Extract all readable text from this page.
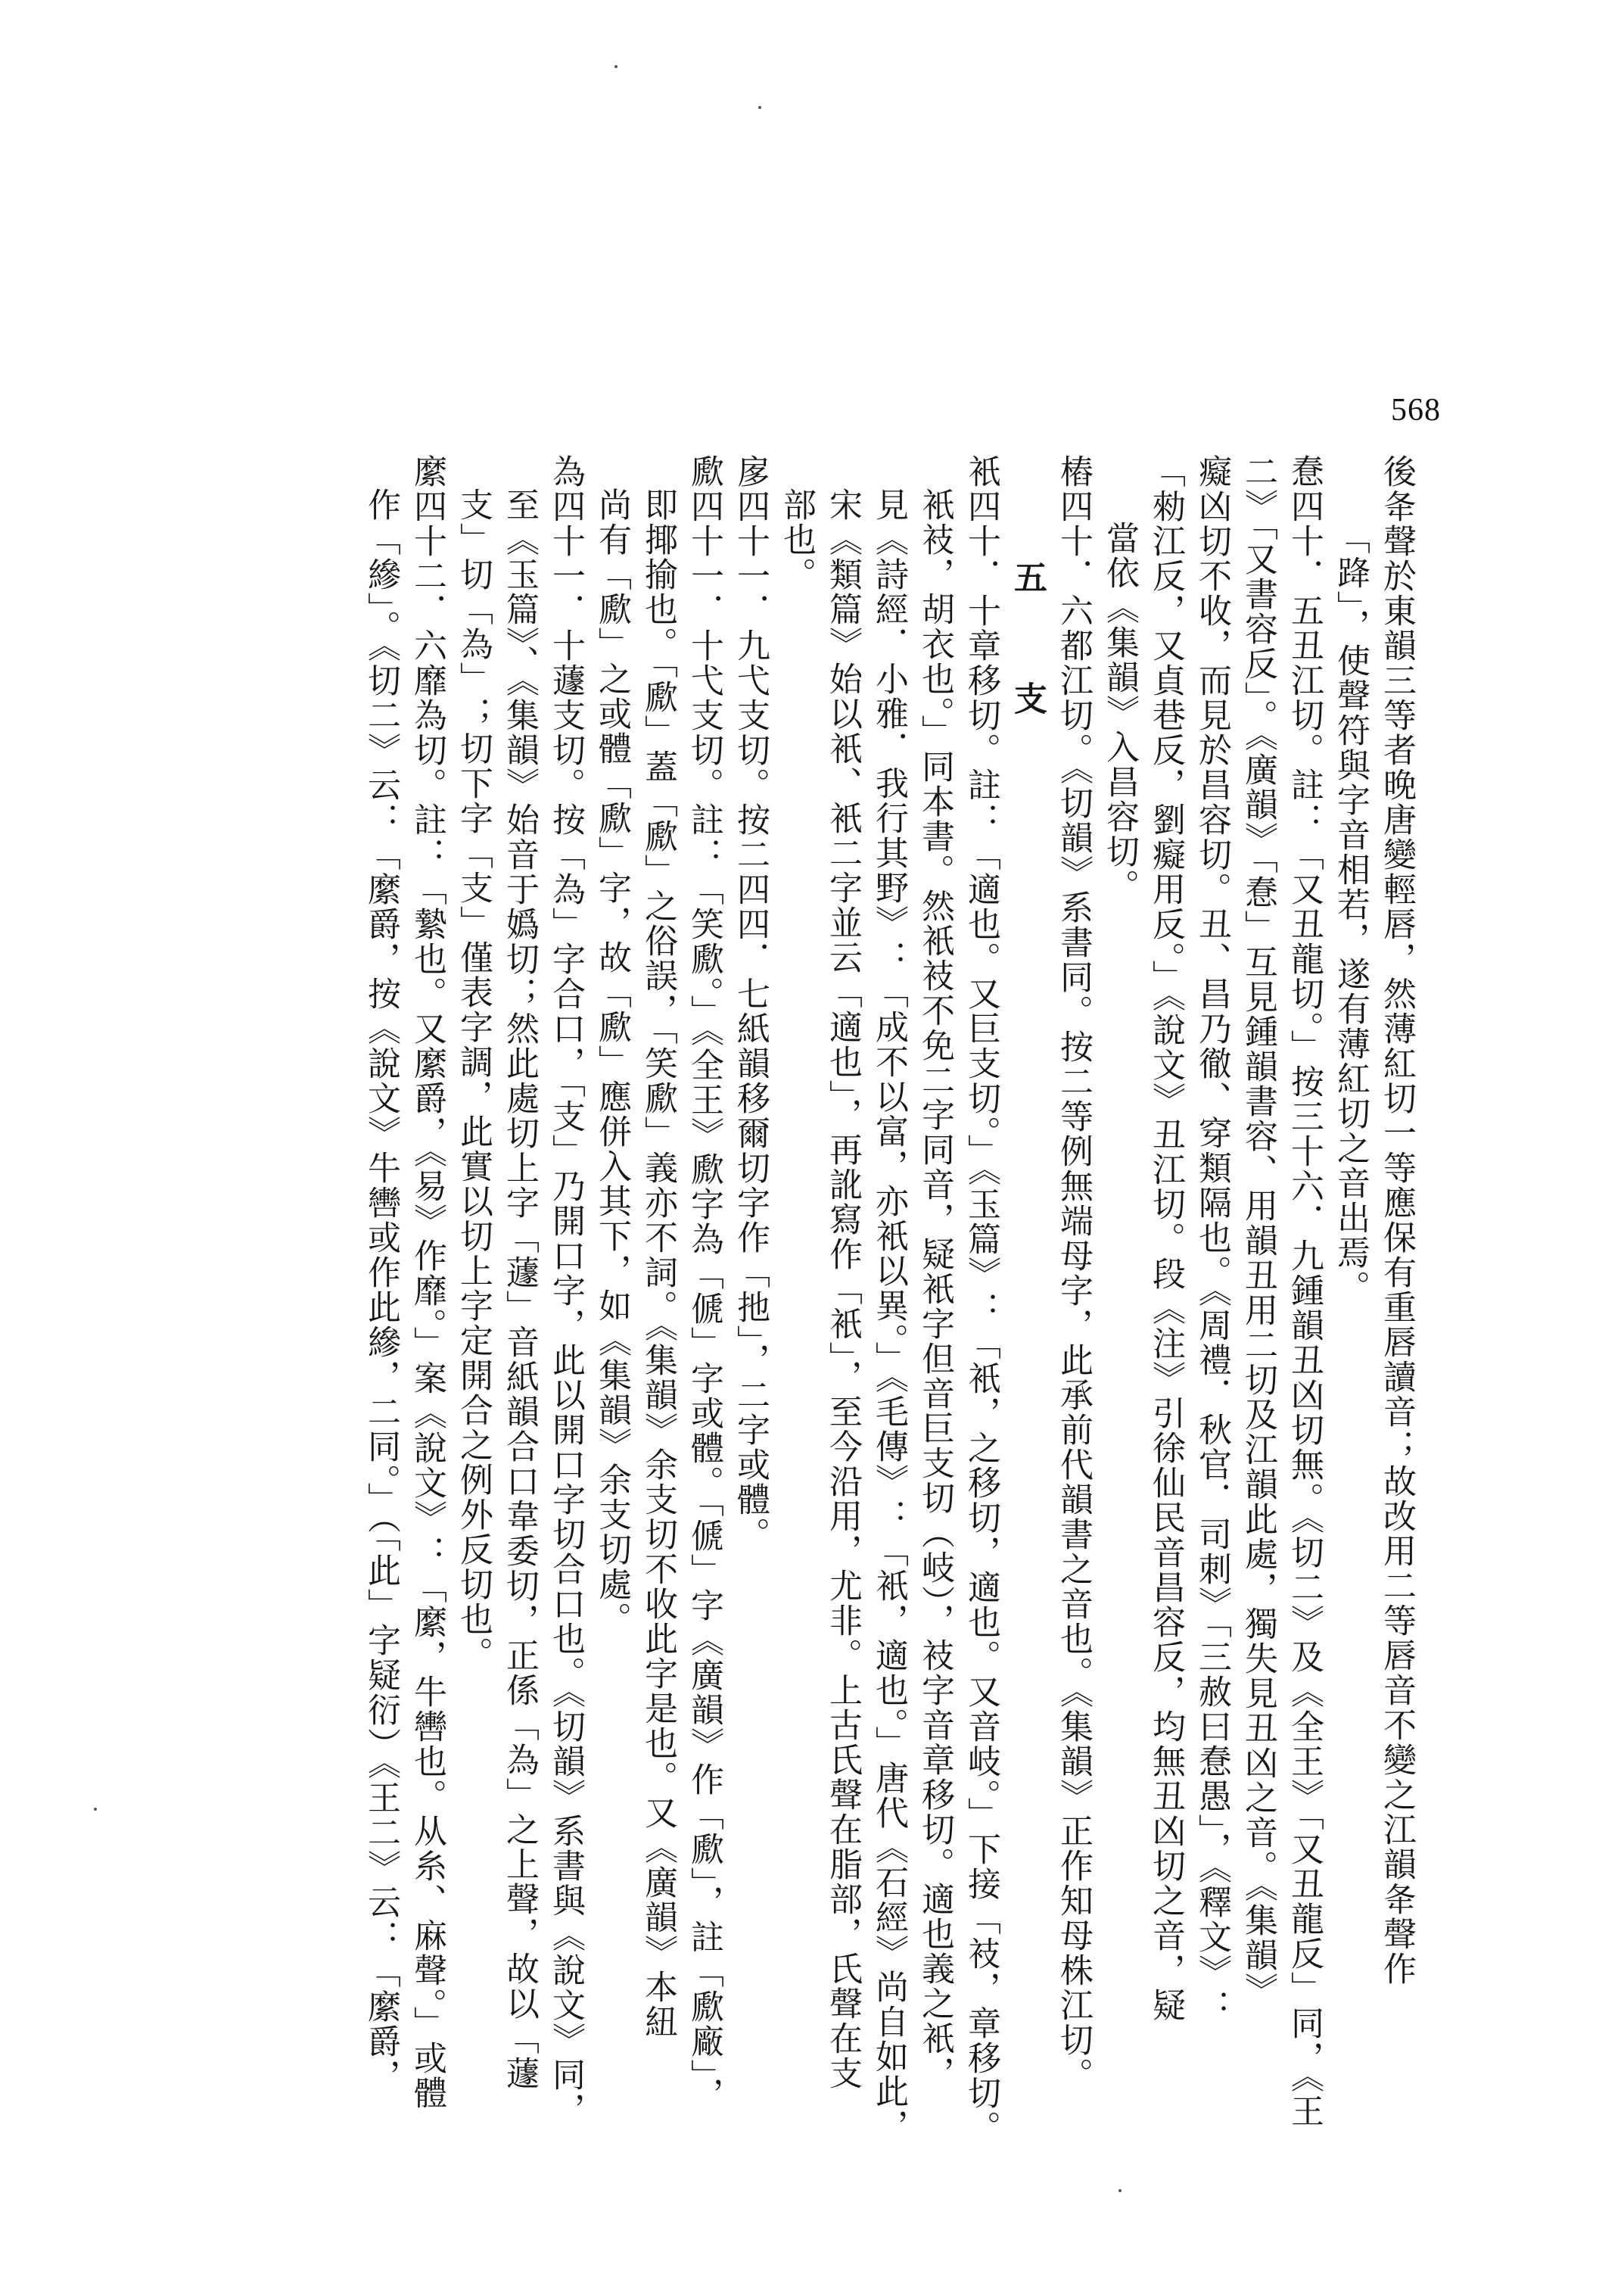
568
後夅聲於東韻三等者晚唐變輕唇，然薄紅切一等應保有重唇讀音；故改用二等唇音不變之江韻夅聲作
「跭」，使聲符與字音相若，遂有薄紅切之音出焉。
惷四十．五丑江切。註：「又丑龍切。」按三十六．九鍾韻丑凶切無。《切二》及《全王》「又丑龍反」同，《王
二》「又書容反」。《廣韻》「惷」互見鍾韻書容、用韻丑用二切及江韻此處，獨失見丑凶之音。《集韻》
癡凶切不收，而見於昌容切。丑、昌乃徹、穿類隔也。《周禮．秋官．司刺》「三赦曰惷愚」，《釋文》：
「勑江反，又貞巷反，劉癡用反。」《說文》丑江切。段《注》引徐仙民音昌容反，均無丑凶切之音，疑
當依《集韻》入昌容切。
樁四十．六都江切。《切韻》系書同。按二等例無端母字，此承前代韻書之音也。《集韻》正作知母株江切。
五　支
衹四十．十章移切。註：「適也。又巨支切。」《玉篇》：「衹，之移切，適也。又音岐。」下接「衼，章移切。
衹衼，胡衣也。」同本書。然衹衼不免二字同音，疑衹字但音巨支切（岐），衼字音章移切。適也義之衹，
見《詩經．小雅．我行其野》：「成不以富，亦衹以異。」《毛傳》：「衹，適也。」唐代《石經》尚自如此，
宋《類篇》始以衹、衹二字並云「適也」，再訛寫作「衹」，至今沿用，尤非。上古氏聲在脂部，氏聲在支
部也。
扅四十一．九弋支切。按二四四．七紙韻移爾切字作「扡」，二字或體。
歋四十一．十弋支切。註：「笑歋。」《全王》歋字為「傂」字或體。「傂」字《廣韻》作「歋」，註「歋廠」，
即揶揄也。「歋」蓋「歋」之俗誤，「笑歋」義亦不詞。《集韻》余支切不收此字是也。又《廣韻》本紐
尚有「歋」之或體「歋」字，故「歋」應併入其下，如《集韻》余支切處。
為四十一．十蘧支切。按「為」字合口，「支」乃開口字，此以開口字切合口也。《切韻》系書與《說文》同，
至《玉篇》、《集韻》始音于嬀切；然此處切上字「蘧」音紙韻合口韋委切，正係「為」之上聲，故以「蘧
支」切「為」；切下字「支」僅表字調，此實以切上字定開合之例外反切也。
縻四十二．六靡為切。註：「縶也。又縻爵，《易》作靡。」案《說文》：「縻，牛轡也。从糸、麻聲。」或體
作「縿」。《切二》云：「縻爵，按《說文》牛轡或作此縿，二同。」（「此」字疑衍）《王二》云：「縻爵，
